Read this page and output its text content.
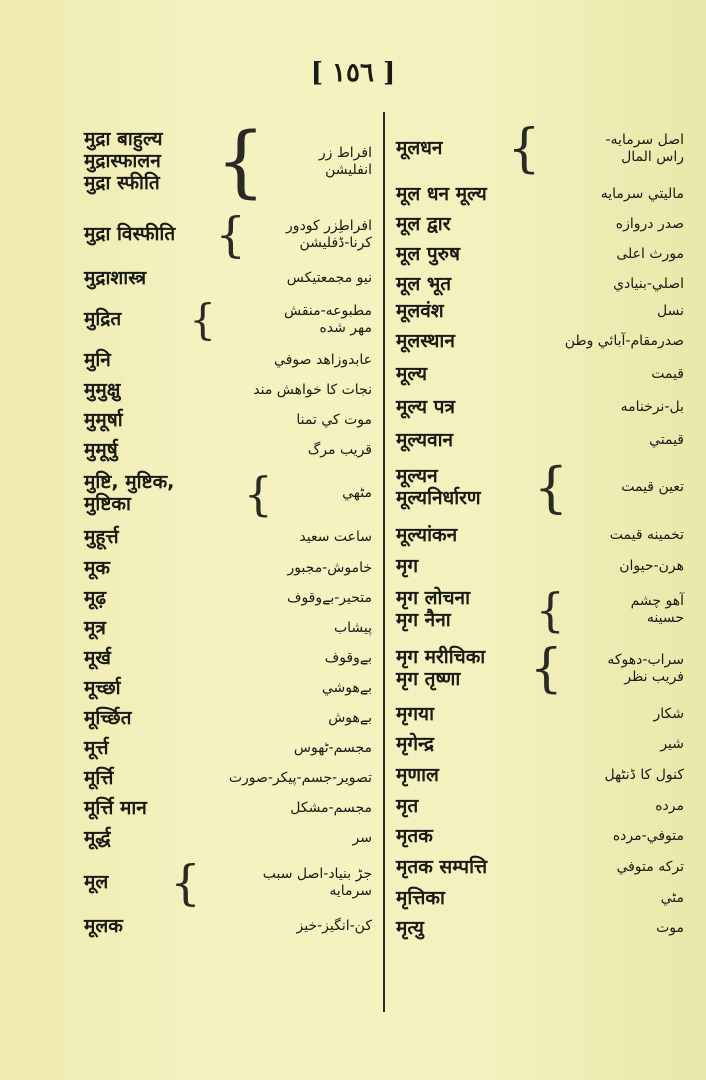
[ ١٥٦ ]
मुद्रा बाहुल्य
मुद्रास्फालन
मुद्रा स्फीति {	افراط زر
انفليشن
मुद्रा विस्फीति {	افراطِزر كودور
كرنا-ڈفليشن
मुद्राशास्त्र	نيو مجمعتيكس
मुद्रित {	مطبوعه-منقش
مهر شده
मुनि	عابدوزاهد صوفي
मुमुक्षु	نجات كا خواهش مند
मुमूर्षा	موت كي تمنا
मुमूर्षु	قريب مرگ
मुष्टि, मुष्टिक,
मुष्टिका	{	مٹهي
मुहूर्त्त	ساعت سعيد
मूक	خاموش-مجبور
मूढ़	متحير-بےوقوف
मूत्र	پيشاب
मूर्ख	بےوقوف
मूर्च्छा	بےهوشي
मूर्च्छित	بےهوش
मूर्त्त	مجسم-ٹهوس
मूर्त्ति	تصوير-جسم-پيكر-صورت
मूर्त्ति मान	مجسم-مشكل
मूर्द्ध	سر
मूल {	جڑ بنياد-اصل سبب
سرمايه
मूलक	كن-انگيز-خيز
मूलधन {	اصل سرمايه-
راس المال
मूल धन मूल्य	ماليتي سرمايه
मूल द्वार	صدر دروازه
मूल पुरुष	مورث اعلى
मूल भूत	اصلي-بنيادي
मूलवंश	نسل
मूलस्थान	صدرمقام-آبائي وطن
मूल्य	قيمت
मूल्य पत्र	بل-نرخنامه
मूल्यवान	قيمتي
मूल्यन
मूल्यनिर्धारण {	تعين قيمت
मूल्यांकन	تخمينه قيمت
मृग	هرن-حيوان
मृग लोचना
मृग नैना	{	آهو چشم
حسينه
मृग मरीचिका
मृग तृष्णा	{	سراب-دهوكه
فريب نظر
मृगया	شكار
मृगेन्द्र	شير
मृणाल	كنول كا ڈنٹهل
मृत	مرده
मृतक	متوفي-مرده
मृतक सम्पत्ति	تركه متوفي
मृत्तिका	مٹي
मृत्यु	موت
